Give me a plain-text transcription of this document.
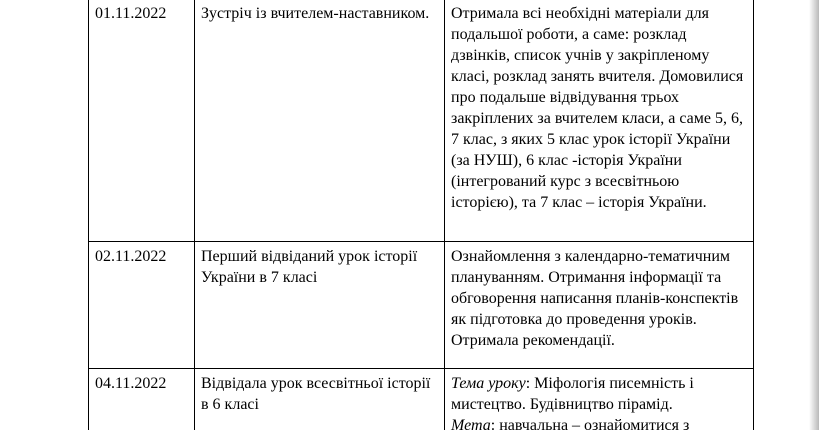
01.11.2022	Зустріч із вчителем-наставником.	Отримала всі необхідні матеріали для подальшої роботи, а саме: розклад дзвінків, список учнів у закріпленому класі, розклад занять вчителя. Домовилися про подальше відвідування трьох закріплених за вчителем класи, а саме 5, 6, 7 клас, з яких 5 клас урок історії України (за НУШ), 6 клас -історія України (інтегрований курс з всесвітньою історією), та 7 клас – історія України.
02.11.2022	Перший відвіданий урок історії України в 7 класі	Ознайомлення з календарно-тематичним плануванням. Отримання інформації та обговорення написання планів-конспектів як підготовка до проведення уроків. Отримала рекомендації.
04.11.2022	Відвідала урок всесвітньої історії в 6 класі	Тема уроку: Міфологія писемність і мистецтво. Будівництво пірамід.
Мета: навчальна – ознайомитися з
